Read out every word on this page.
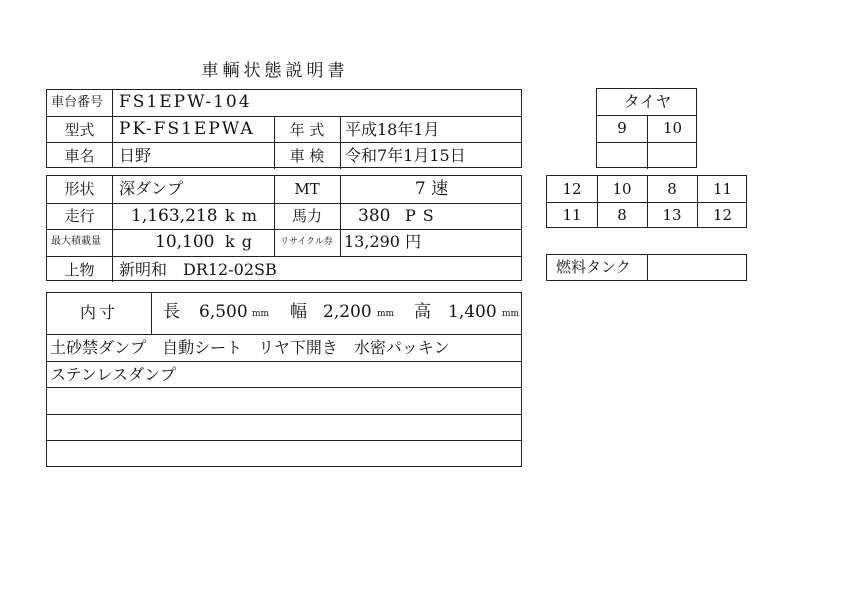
車輌状態説明書
車台番号 FS1EPW-104
型式	PK-FS1EPWA	年 式	平成18年1月
車名	日野	車 検	令和7年1月15日
形状	深ダンプ	MT	7 速
走行	1,163,218 km	馬力	380 PS
最大積載量	10,100 kg リサイクル券 13,290 円
上物	新明和　DR12-02SB
内寸	長 6,500 mm 幅 2,200 mm 高 1,400 mm
土砂禁ダンプ　自動シート　リヤ下開き　水密パッキン
ステンレスダンプ
タイヤ
9	10
12	10	8	11
11	8	13	12
燃料タンク
